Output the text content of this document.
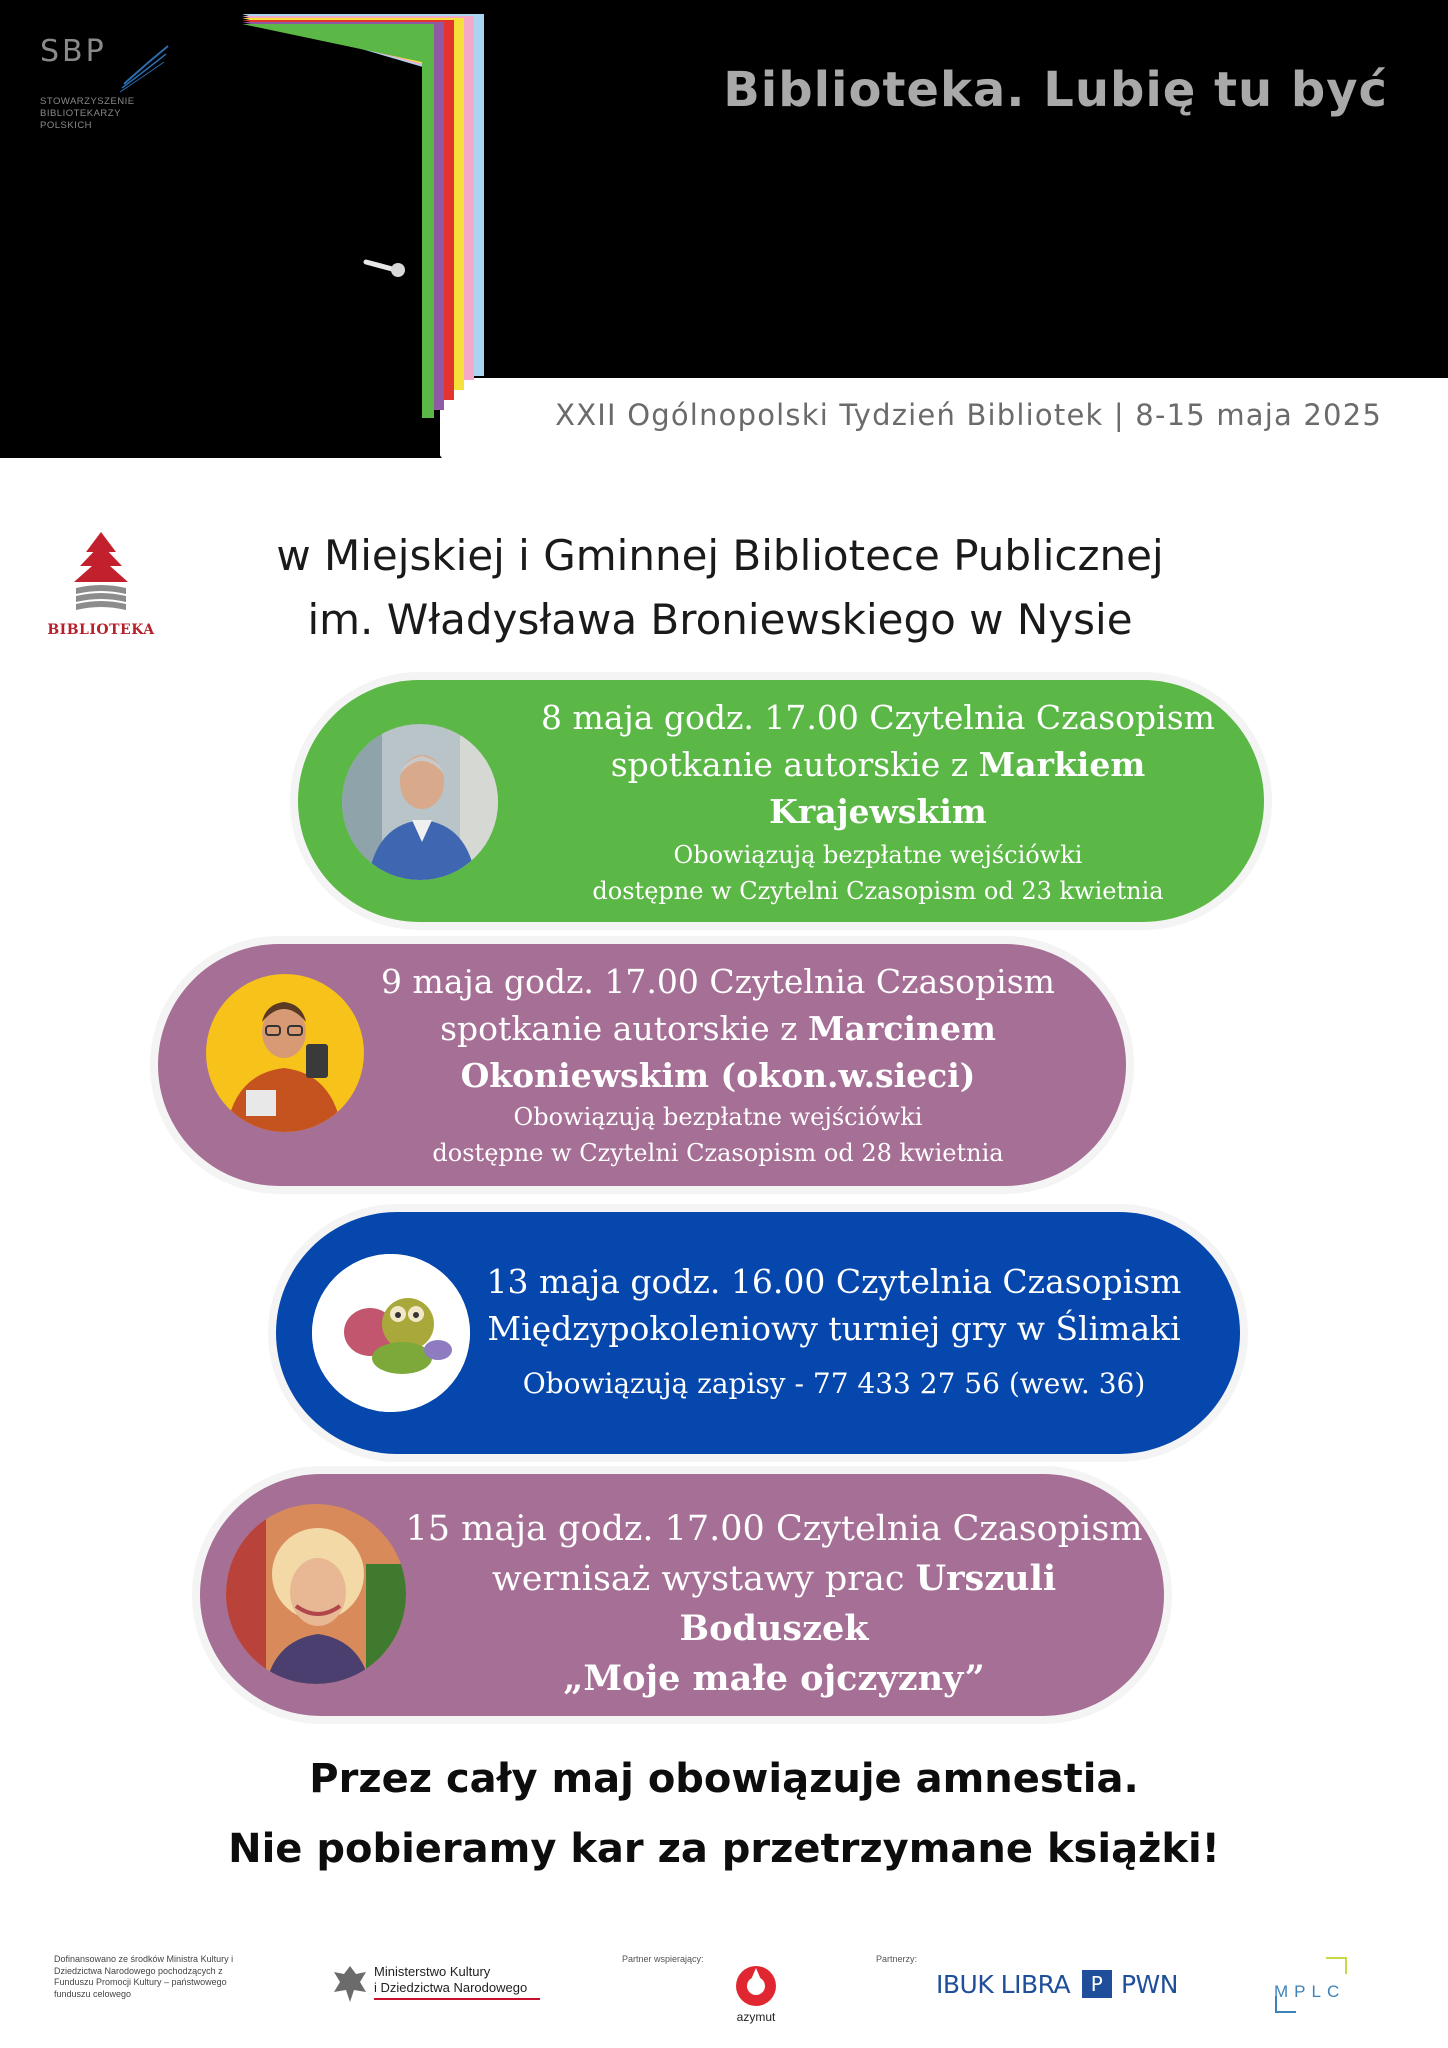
SBP
STOWARZYSZENIE
BIBLIOTEKARZY
POLSKICH
Biblioteka. Lubię tu być
XXII Ogólnopolski Tydzień Bibliotek | 8-15 maja 2025
BIBLIOTEKA
w Miejskiej i Gminnej Bibliotece Publicznej
im. Władysława Broniewskiego w Nysie
8 maja godz. 17.00 Czytelnia Czasopism
spotkanie autorskie z Markiem
Krajewskim
Obowiązują bezpłatne wejściówki
dostępne w Czytelni Czasopism od 23 kwietnia
9 maja godz. 17.00 Czytelnia Czasopism
spotkanie autorskie z Marcinem
Okoniewskim (okon.w.sieci)
Obowiązują bezpłatne wejściówki
dostępne w Czytelni Czasopism od 28 kwietnia
13 maja godz. 16.00 Czytelnia Czasopism
Międzypokoleniowy turniej gry w Ślimaki
Obowiązują zapisy - 77 433 27 56 (wew. 36)
15 maja godz. 17.00 Czytelnia Czasopism
wernisaż wystawy prac Urszuli Boduszek
„Moje małe ojczyzny”
Przez cały maj obowiązuje amnestia.
Nie pobieramy kar za przetrzymane książki!
Dofinansowano ze środków Ministra Kultury i Dziedzictwa Narodowego pochodzących z Funduszu Promocji Kultury – państwowego funduszu celowego
Ministerstwo Kultury
i Dziedzictwa Narodowego
Partner wspierający:
azymut
Partnerzy:
IBUK LIBRA P PWN	MPLC
